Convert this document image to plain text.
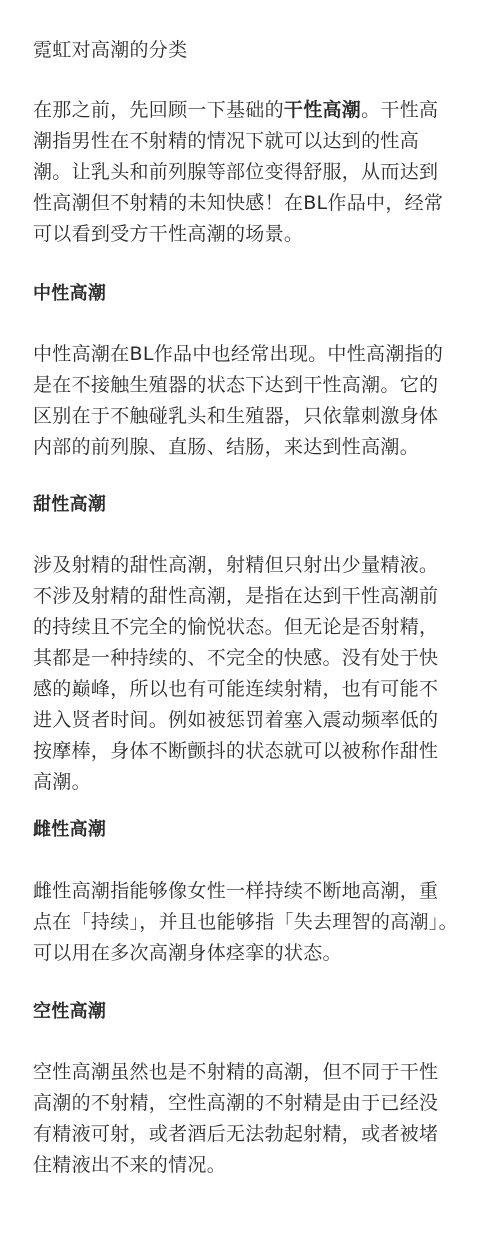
霓虹对高潮的分类
在那之前，先回顾一下基础的干性高潮。干性高
潮指男性在不射精的情况下就可以达到的性高
潮。让乳头和前列腺等部位变得舒服，从而达到
性高潮但不射精的未知快感！在BL作品中，经常
可以看到受方干性高潮的场景。
中性高潮
中性高潮在BL作品中也经常出现。中性高潮指的
是在不接触生殖器的状态下达到干性高潮。它的
区别在于不触碰乳头和生殖器，只依靠刺激身体
内部的前列腺、直肠、结肠，来达到性高潮。
甜性高潮
涉及射精的甜性高潮，射精但只射出少量精液。
不涉及射精的甜性高潮，是指在达到干性高潮前
的持续且不完全的愉悦状态。但无论是否射精，
其都是一种持续的、不完全的快感。没有处于快
感的巅峰，所以也有可能连续射精，也有可能不
进入贤者时间。例如被惩罚着塞入震动频率低的
按摩棒，身体不断颤抖的状态就可以被称作甜性
高潮。
雌性高潮
雌性高潮指能够像女性一样持续不断地高潮，重
点在「持续」，并且也能够指「失去理智的高潮」。
可以用在多次高潮身体痉挛的状态。
空性高潮
空性高潮虽然也是不射精的高潮，但不同于干性
高潮的不射精，空性高潮的不射精是由于已经没
有精液可射，或者酒后无法勃起射精，或者被堵
住精液出不来的情况。
